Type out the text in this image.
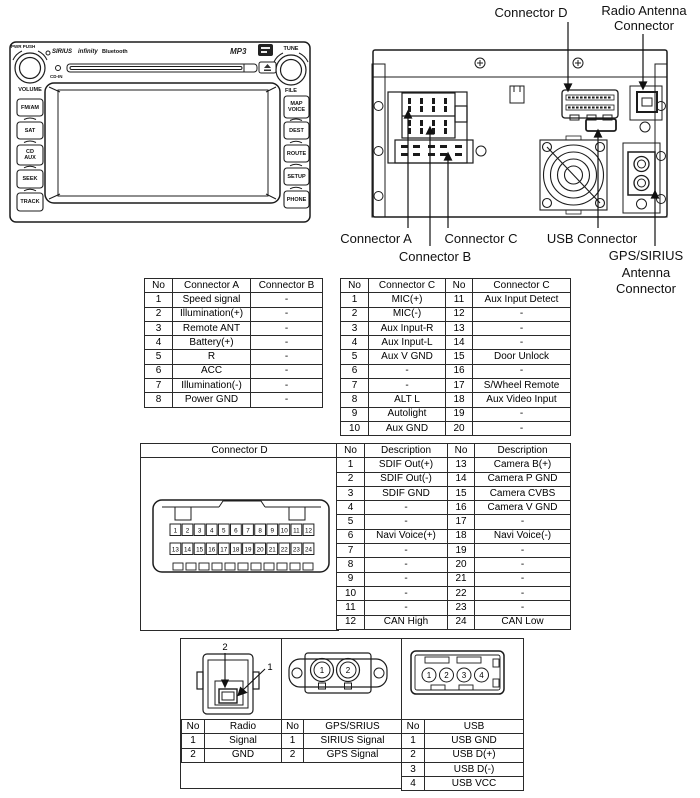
MP3
PWR PUSH
VOLUME
TUNE
FILE
CD-IN
SIRIUS infinity Bluetooth
FM/AM
SAT
CD
AUX
SEEK
TRACK
MAP
VOICE
DEST
ROUTE
SETUP
PHONE
Connector D	Radio Antenna
Connector
Connector A	Connector C	USB Connector
Connector B	GPS/SIRIUS
Antenna
Connector
No	Connector A	Connector B
1	Speed signal	-
2	Illumination(+)	-
3	Remote ANT	-
4	Battery(+)	-
5	R	-
6	ACC	-
7	Illumination(-)	-
8	Power GND	-
No	Connector C	No	Connector C
1	MIC(+)	11	Aux Input Detect
2	MIC(-)	12	-
3	Aux Input-R	13	-
4	Aux Input-L	14	-
5	Aux V GND	15	Door Unlock
6	-	16	-
7	-	17	S/Wheel Remote
8	ALT L	18	Aux Video Input
9	Autolight	19	-
10	Aux GND	20	-
Connector D
1 2 3 4 5 6 7 8 9 10 11 12
13 14 15 16 17 18 19 20 21 22 23 24
No	Description	No	Description
1	SDIF Out(+)	13	Camera B(+)
2	SDIF Out(-)	14	Camera P GND
3	SDIF GND	15	Camera CVBS
4	-	16	Camera V GND
5	-	17	-
6	Navi Voice(+)	18	Navi Voice(-)
7	-	19	-
8	-	20	-
9	-	21	-
10	-	22	-
11	-	23	-
12	CAN High	24	CAN Low
2
1	1	2
1 2 3 4
No	Radio
1	Signal
2	GND
No	GPS/SRIUS
1	SIRIUS Signal
2	GPS Signal
No	USB
1	USB GND
2	USB D(+)
3	USB D(-)
4	USB VCC
